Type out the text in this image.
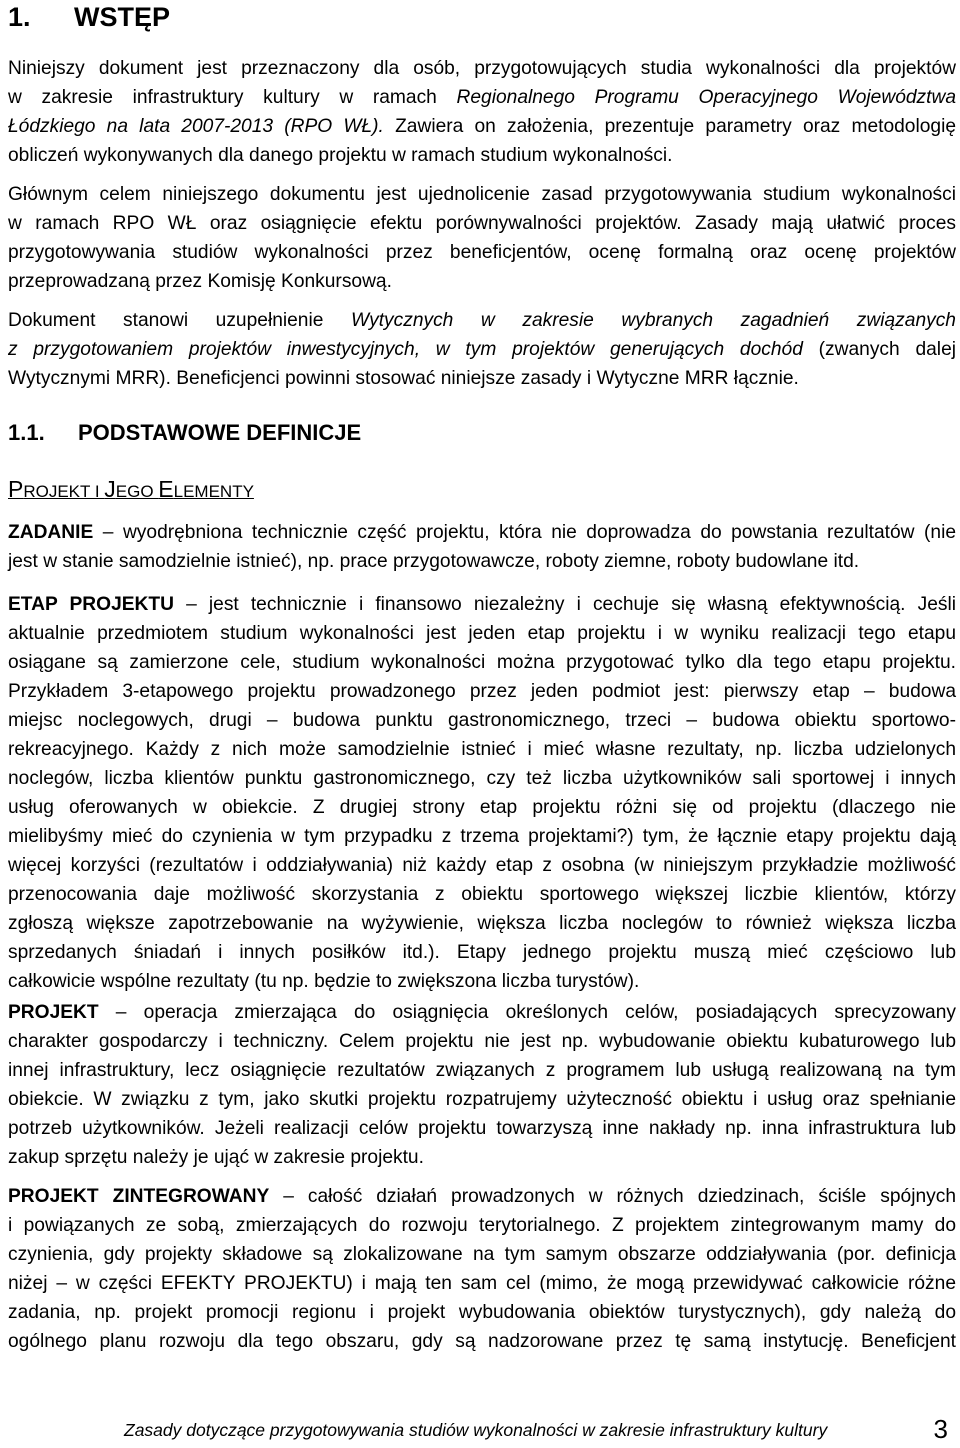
1. WSTĘP
Niniejszy dokument jest przeznaczony dla osób, przygotowujących studia wykonalności dla projektów
w zakresie infrastruktury kultury w ramach Regionalnego Programu Operacyjnego Województwa
Łódzkiego na lata 2007-2013 (RPO WŁ). Zawiera on założenia, prezentuje parametry oraz metodologię
obliczeń wykonywanych dla danego projektu w ramach studium wykonalności.
Głównym celem niniejszego dokumentu jest ujednolicenie zasad przygotowywania studium wykonalności
w ramach RPO WŁ oraz osiągnięcie efektu porównywalności projektów. Zasady mają ułatwić proces
przygotowywania studiów wykonalności przez beneficjentów, ocenę formalną oraz ocenę projektów
przeprowadzaną przez Komisję Konkursową.
Dokument stanowi uzupełnienie Wytycznych w zakresie wybranych zagadnień związanych
z przygotowaniem projektów inwestycyjnych, w tym projektów generujących dochód (zwanych dalej
Wytycznymi MRR). Beneficjenci powinni stosować niniejsze zasady i Wytyczne MRR łącznie.
1.1. PODSTAWOWE DEFINICJE
PROJEKT I JEGO ELEMENTY
ZADANIE – wyodrębniona technicznie część projektu, która nie doprowadza do powstania rezultatów (nie
jest w stanie samodzielnie istnieć), np. prace przygotowawcze, roboty ziemne, roboty budowlane itd.
ETAP PROJEKTU – jest technicznie i finansowo niezależny i cechuje się własną efektywnością. Jeśli
aktualnie przedmiotem studium wykonalności jest jeden etap projektu i w wyniku realizacji tego etapu
osiągane są zamierzone cele, studium wykonalności można przygotować tylko dla tego etapu projektu.
Przykładem 3-etapowego projektu prowadzonego przez jeden podmiot jest: pierwszy etap – budowa
miejsc noclegowych, drugi – budowa punktu gastronomicznego, trzeci – budowa obiektu sportowo-
rekreacyjnego. Każdy z nich może samodzielnie istnieć i mieć własne rezultaty, np. liczba udzielonych
noclegów, liczba klientów punktu gastronomicznego, czy też liczba użytkowników sali sportowej i innych
usług oferowanych w obiekcie. Z drugiej strony etap projektu różni się od projektu (dlaczego nie
mielibyśmy mieć do czynienia w tym przypadku z trzema projektami?) tym, że łącznie etapy projektu dają
więcej korzyści (rezultatów i oddziaływania) niż każdy etap z osobna (w niniejszym przykładzie możliwość
przenocowania daje możliwość skorzystania z obiektu sportowego większej liczbie klientów, którzy
zgłoszą większe zapotrzebowanie na wyżywienie, większa liczba noclegów to również większa liczba
sprzedanych śniadań i innych posiłków itd.). Etapy jednego projektu muszą mieć częściowo lub
całkowicie wspólne rezultaty (tu np. będzie to zwiększona liczba turystów).
PROJEKT – operacja zmierzająca do osiągnięcia określonych celów, posiadających sprecyzowany
charakter gospodarczy i techniczny. Celem projektu nie jest np. wybudowanie obiektu kubaturowego lub
innej infrastruktury, lecz osiągnięcie rezultatów związanych z programem lub usługą realizowaną na tym
obiekcie. W związku z tym, jako skutki projektu rozpatrujemy użyteczność obiektu i usług oraz spełnianie
potrzeb użytkowników. Jeżeli realizacji celów projektu towarzyszą inne nakłady np. inna infrastruktura lub
zakup sprzętu należy je ująć w zakresie projektu.
PROJEKT ZINTEGROWANY – całość działań prowadzonych w różnych dziedzinach, ściśle spójnych
i powiązanych ze sobą, zmierzających do rozwoju terytorialnego. Z projektem zintegrowanym mamy do
czynienia, gdy projekty składowe są zlokalizowane na tym samym obszarze oddziaływania (por. definicja
niżej – w części EFEKTY PROJEKTU) i mają ten sam cel (mimo, że mogą przewidywać całkowicie różne
zadania, np. projekt promocji regionu i projekt wybudowania obiektów turystycznych), gdy należą do
ogólnego planu rozwoju dla tego obszaru, gdy są nadzorowane przez tę samą instytucję. Beneficjent
Zasady dotyczące przygotowywania studiów wykonalności w zakresie infrastruktury kultury	3
